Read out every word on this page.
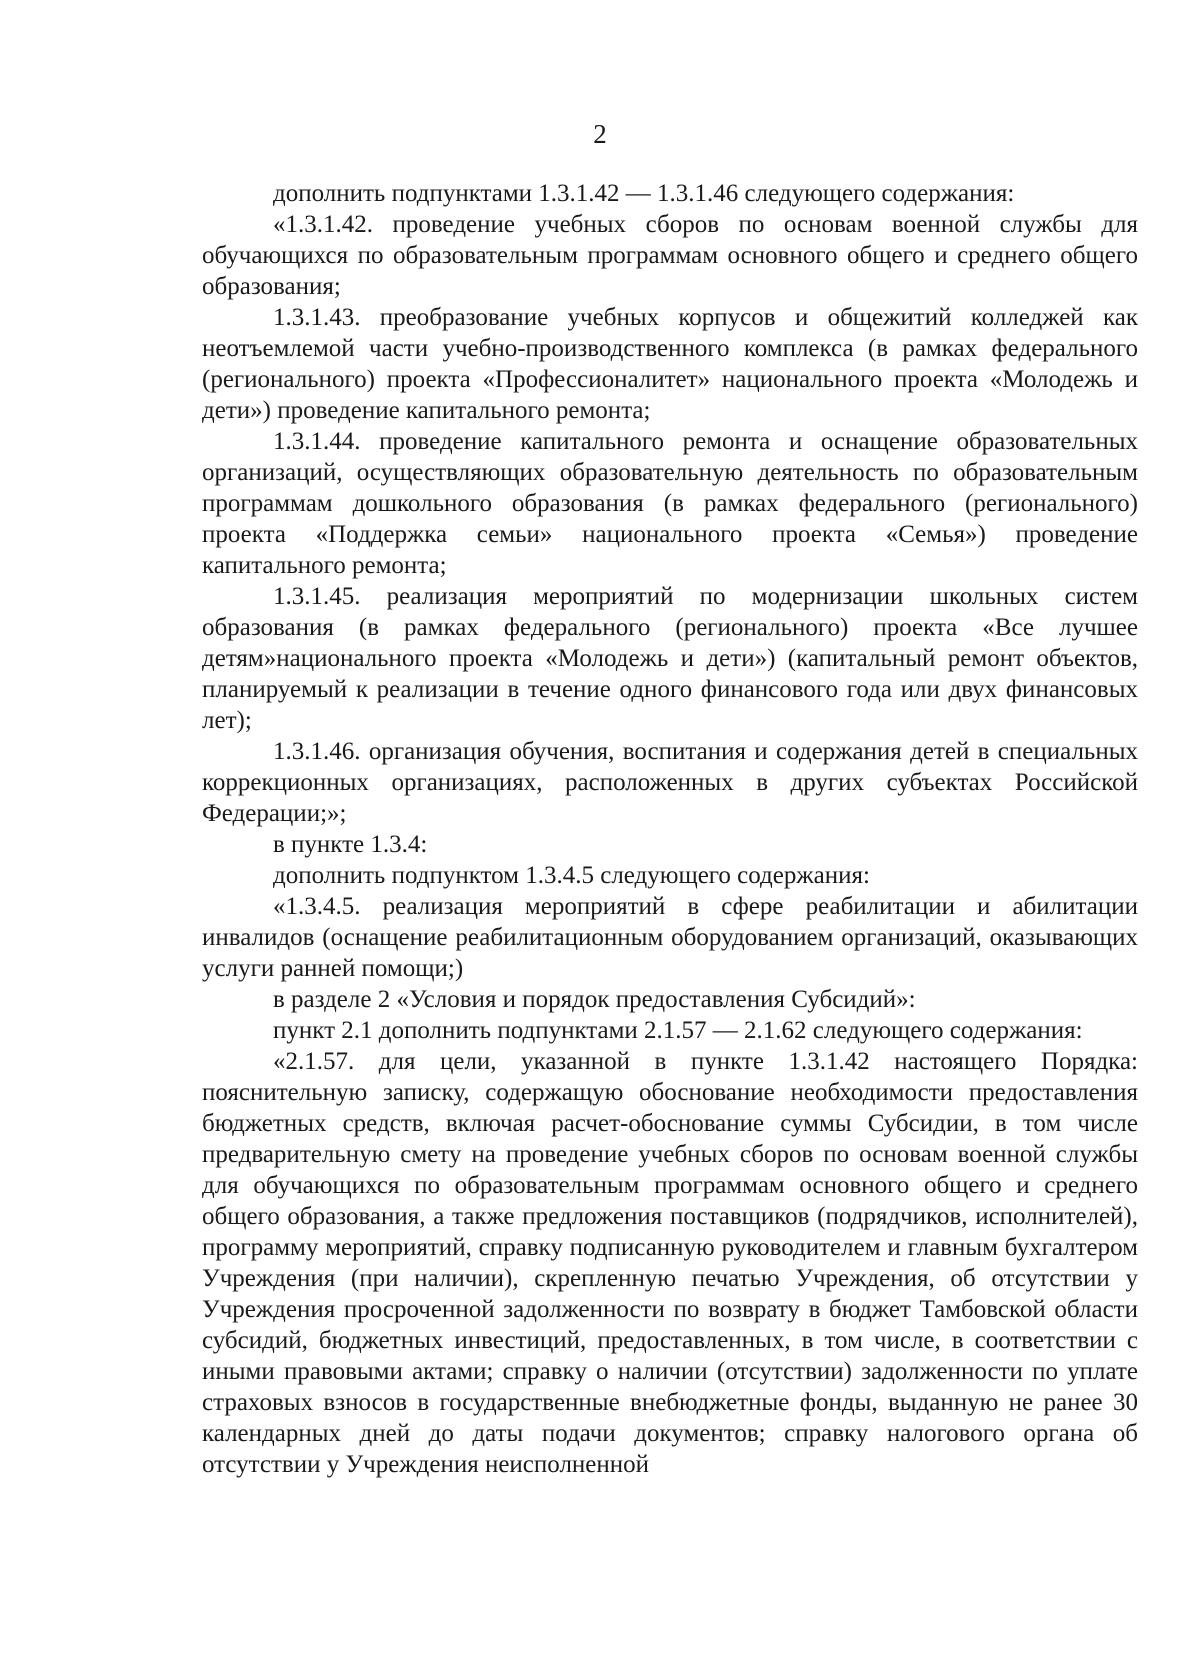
2

дополнить подпунктами 1.3.1.42 — 1.3.1.46 следующего содержания:

«1.3.1.42. проведение учебных сборов по основам военной службы для обучающихся по образовательным программам основного общего и среднего общего образования;

1.3.1.43. преобразование учебных корпусов и общежитий колледжей как неотъемлемой части учебно-производственного комплекса (в рамках федерального (регионального) проекта «Профессионалитет» национального проекта «Молодежь и дети») проведение капитального ремонта;

1.3.1.44. проведение капитального ремонта и оснащение образовательных организаций, осуществляющих образовательную деятельность по образовательным программам дошкольного образования (в рамках федерального (регионального) проекта «Поддержка семьи» национального проекта «Семья») проведение капитального ремонта;

1.3.1.45. реализация мероприятий по модернизации школьных систем образования (в рамках федерального (регионального) проекта «Все лучшее детям»национального проекта «Молодежь и дети») (капитальный ремонт объектов, планируемый к реализации в течение одного финансового года или двух финансовых лет);

1.3.1.46. организация обучения, воспитания и содержания детей в специальных коррекционных организациях, расположенных в других субъектах Российской Федерации;»;

в пункте 1.3.4:

дополнить подпунктом 1.3.4.5 следующего содержания:

«1.3.4.5. реализация мероприятий в сфере реабилитации и абилитации инвалидов (оснащение реабилитационным оборудованием организаций, оказывающих услуги ранней помощи;)

в разделе 2 «Условия и порядок предоставления Субсидий»:

пункт 2.1 дополнить подпунктами 2.1.57 — 2.1.62 следующего содержания:

«2.1.57. для цели, указанной в пункте 1.3.1.42 настоящего Порядка: пояснительную записку, содержащую обоснование необходимости предоставления бюджетных средств, включая расчет-обоснование суммы Субсидии, в том числе предварительную смету на проведение учебных сборов по основам военной службы для обучающихся по образовательным программам основного общего и среднего общего образования, а также предложения поставщиков (подрядчиков, исполнителей), программу мероприятий, справку подписанную руководителем и главным бухгалтером Учреждения (при наличии), скрепленную печатью Учреждения, об отсутствии у Учреждения просроченной задолженности по возврату в бюджет Тамбовской области субсидий, бюджетных инвестиций, предоставленных, в том числе, в соответствии с иными правовыми актами; справку о наличии (отсутствии) задолженности по уплате страховых взносов в государственные внебюджетные фонды, выданную не ранее 30 календарных дней до даты подачи документов; справку налогового органа об отсутствии у Учреждения неисполненной
